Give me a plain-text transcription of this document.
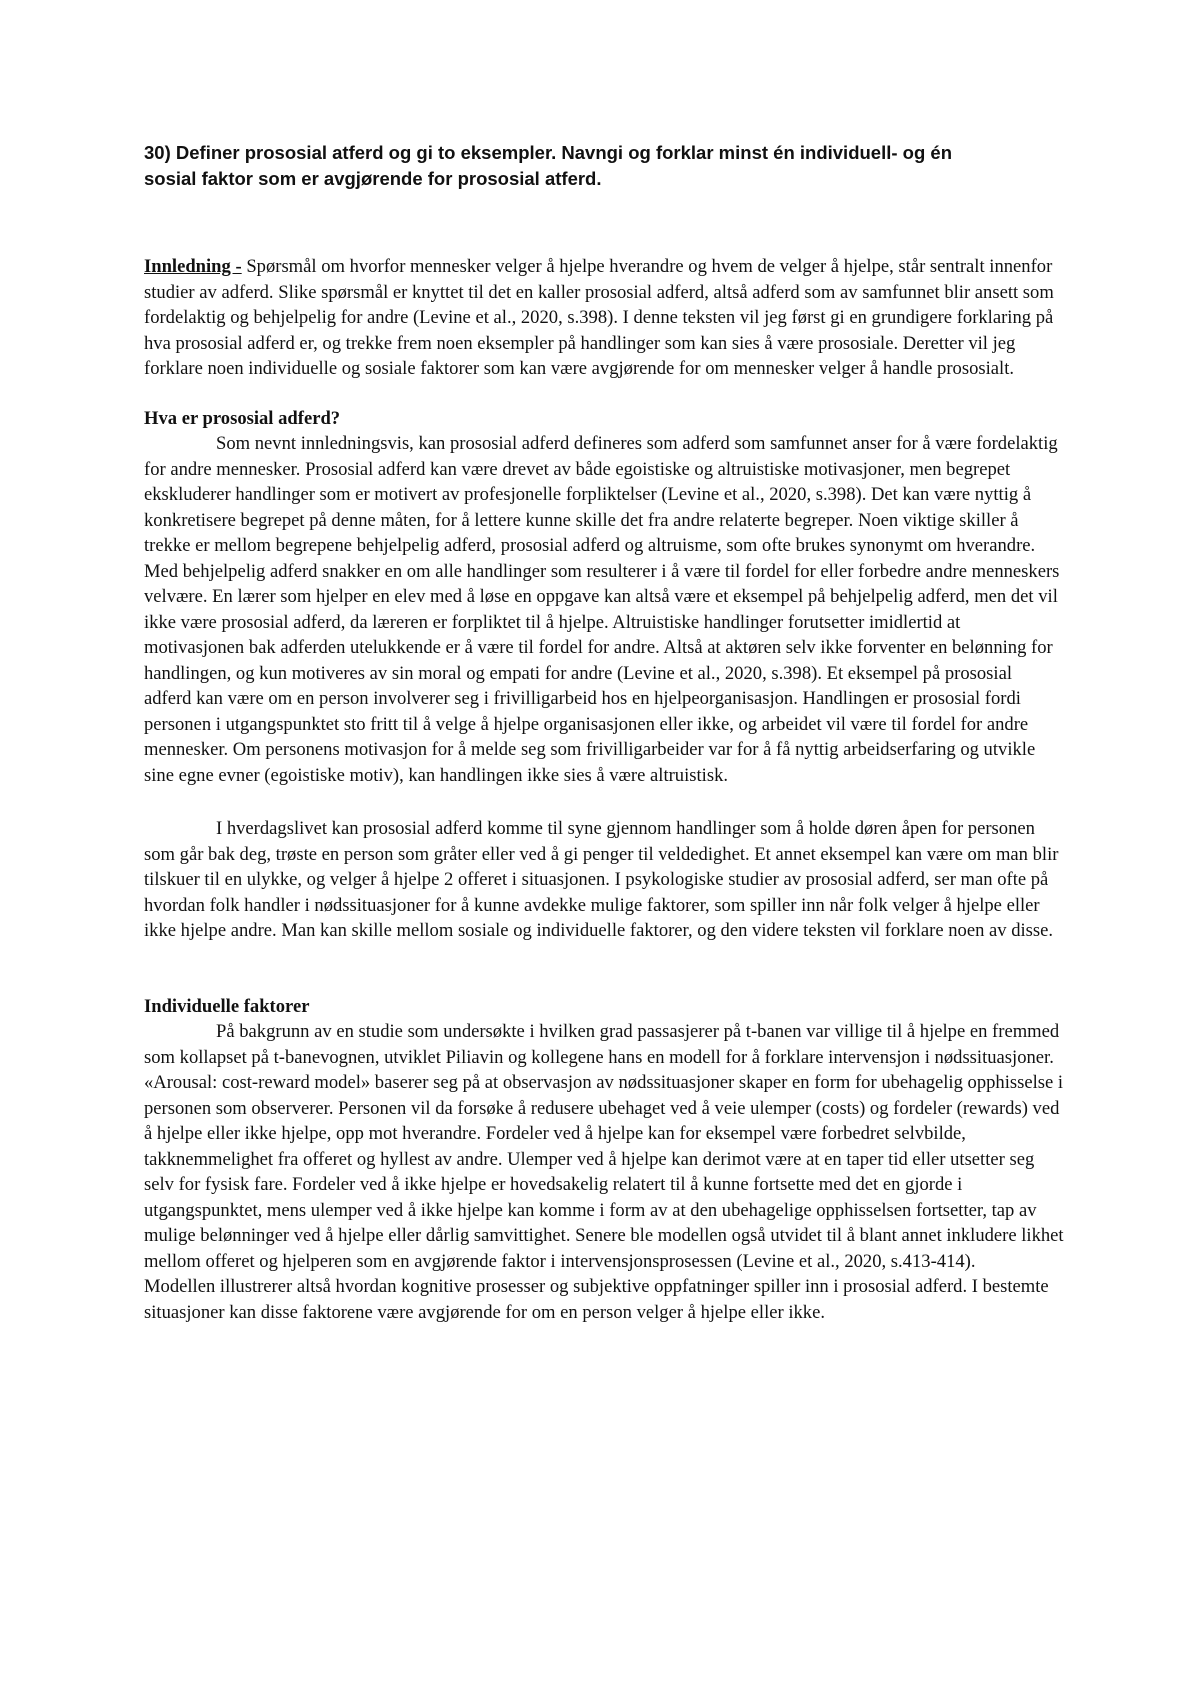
30) Definer prososial atferd og gi to eksempler. Navngi og forklar minst én individuell- og én
sosial faktor som er avgjørende for prososial atferd.

Innledning - Spørsmål om hvorfor mennesker velger å hjelpe hverandre og hvem de velger å hjelpe, står sentralt innenfor studier av adferd. Slike spørsmål er knyttet til det en kaller prososial adferd, altså adferd som av samfunnet blir ansett som fordelaktig og behjelpelig for andre (Levine et al., 2020, s.398). I denne teksten vil jeg først gi en grundigere forklaring på hva prososial adferd er, og trekke frem noen eksempler på handlinger som kan sies å være prososiale. Deretter vil jeg forklare noen individuelle og sosiale faktorer som kan være avgjørende for om mennesker velger å handle prososialt.

Hva er prososial adferd?

Som nevnt innledningsvis, kan prososial adferd defineres som adferd som samfunnet anser for å være fordelaktig for andre mennesker. Prososial adferd kan være drevet av både egoistiske og altruistiske motivasjoner, men begrepet ekskluderer handlinger som er motivert av profesjonelle forpliktelser (Levine et al., 2020, s.398). Det kan være nyttig å konkretisere begrepet på denne måten, for å lettere kunne skille det fra andre relaterte begreper. Noen viktige skiller å trekke er mellom begrepene behjelpelig adferd, prososial adferd og altruisme, som ofte brukes synonymt om hverandre. Med behjelpelig adferd snakker en om alle handlinger som resulterer i å være til fordel for eller forbedre andre menneskers velvære. En lærer som hjelper en elev med å løse en oppgave kan altså være et eksempel på behjelpelig adferd, men det vil ikke være prososial adferd, da læreren er forpliktet til å hjelpe. Altruistiske handlinger forutsetter imidlertid at motivasjonen bak adferden utelukkende er å være til fordel for andre. Altså at aktøren selv ikke forventer en belønning for handlingen, og kun motiveres av sin moral og empati for andre (Levine et al., 2020, s.398). Et eksempel på prososial adferd kan være om en person involverer seg i frivilligarbeid hos en hjelpeorganisasjon. Handlingen er prososial fordi personen i utgangspunktet sto fritt til å velge å hjelpe organisasjonen eller ikke, og arbeidet vil være til fordel for andre mennesker. Om personens motivasjon for å melde seg som frivilligarbeider var for å få nyttig arbeidserfaring og utvikle sine egne evner (egoistiske motiv), kan handlingen ikke sies å være altruistisk.

I hverdagslivet kan prososial adferd komme til syne gjennom handlinger som å holde døren åpen for personen som går bak deg, trøste en person som gråter eller ved å gi penger til veldedighet. Et annet eksempel kan være om man blir tilskuer til en ulykke, og velger å hjelpe 2 offeret i situasjonen. I psykologiske studier av prososial adferd, ser man ofte på hvordan folk handler i nødssituasjoner for å kunne avdekke mulige faktorer, som spiller inn når folk velger å hjelpe eller ikke hjelpe andre. Man kan skille mellom sosiale og individuelle faktorer, og den videre teksten vil forklare noen av disse.

Individuelle faktorer

På bakgrunn av en studie som undersøkte i hvilken grad passasjerer på t-banen var villige til å hjelpe en fremmed som kollapset på t-banevognen, utviklet Piliavin og kollegene hans en modell for å forklare intervensjon i nødssituasjoner. «Arousal: cost-reward model» baserer seg på at observasjon av nødssituasjoner skaper en form for ubehagelig opphisselse i personen som observerer. Personen vil da forsøke å redusere ubehaget ved å veie ulemper (costs) og fordeler (rewards) ved å hjelpe eller ikke hjelpe, opp mot hverandre. Fordeler ved å hjelpe kan for eksempel være forbedret selvbilde, takknemmelighet fra offeret og hyllest av andre. Ulemper ved å hjelpe kan derimot være at en taper tid eller utsetter seg selv for fysisk fare. Fordeler ved å ikke hjelpe er hovedsakelig relatert til å kunne fortsette med det en gjorde i utgangspunktet, mens ulemper ved å ikke hjelpe kan komme i form av at den ubehagelige opphisselsen fortsetter, tap av mulige belønninger ved å hjelpe eller dårlig samvittighet. Senere ble modellen også utvidet til å blant annet inkludere likhet mellom offeret og hjelperen som en avgjørende faktor i intervensjonsprosessen (Levine et al., 2020, s.413-414).

Modellen illustrerer altså hvordan kognitive prosesser og subjektive oppfatninger spiller inn i prososial adferd. I bestemte situasjoner kan disse faktorene være avgjørende for om en person velger å hjelpe eller ikke.
